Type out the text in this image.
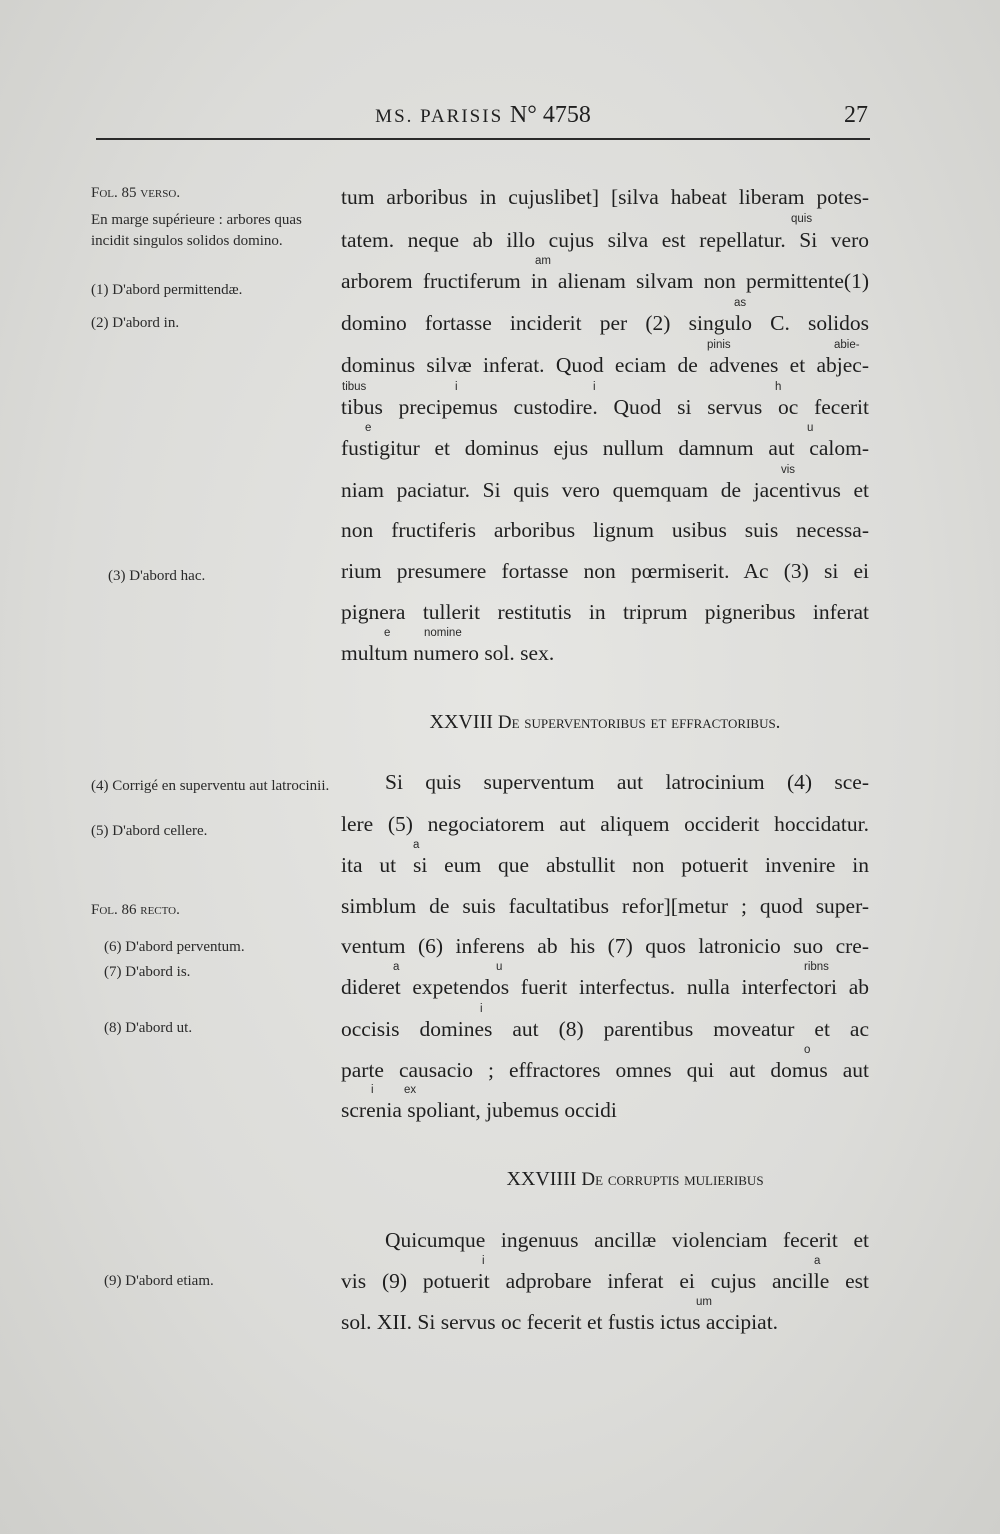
MS. PARISIS N° 4758	27
Fol. 85 verso.
En marge supérieure : arbores quas incidit singulos solidos domino.
(1) D'abord permittendæ.
(2) D'abord in.
(3) D'abord hac.
(4) Corrigé en superventu aut latrocinii.
(5) D'abord cellere.
Fol. 86 recto.
(6) D'abord perventum.
(7) D'abord is.
(8) D'abord ut.
(9) D'abord etiam.
tum arboribus in cujuslibet] [silva habeat liberam potes-
tatem. neque ab illo cujus silva est repellatur. Si vero
arborem fructiferum in alienam silvam non permittente(1)
domino fortasse inciderit per (2) singulo C. solidos
dominus silvæ inferat. Quod eciam de advenes et abjec-
tibus precipemus custodire. Quod si servus oc fecerit
fustigitur et dominus ejus nullum damnum aut calom-
niam paciatur. Si quis vero quemquam de jacentivus et
non fructiferis arboribus lignum usibus suis necessa-
rium presumere fortasse non pœrmiserit. Ac (3) si ei
pignera tullerit restitutis in triprum pigneribus inferat
multum numero sol. sex.
Si quis superventum aut latrocinium (4) sce-
lere (5) negociatorem aut aliquem occiderit hoccidatur.
ita ut si eum que abstullit non potuerit invenire in
simblum de suis facultatibus refor][metur ; quod super-
ventum (6) inferens ab his (7) quos latronicio suo cre-
dideret expetendos fuerit interfectus. nulla interfectori ab
occisis domines aut (8) parentibus moveatur et ac
parte causacio ; effractores omnes qui aut domus aut
screnia spoliant, jubemus occidi
Quicumque ingenuus ancillæ violenciam fecerit et
vis (9) potuerit adprobare inferat ei cujus ancille est
sol. XII. Si servus oc fecerit et fustis ictus accipiat.
quis
am
as
pinis	abie-
tibus	i	i	h
e	u
vis
e	nomine
a
a	u	ribns
i
o
i	ex
i	a
um
XXVIII De superventoribus et effractoribus.
XXVIIII De corruptis mulieribus
